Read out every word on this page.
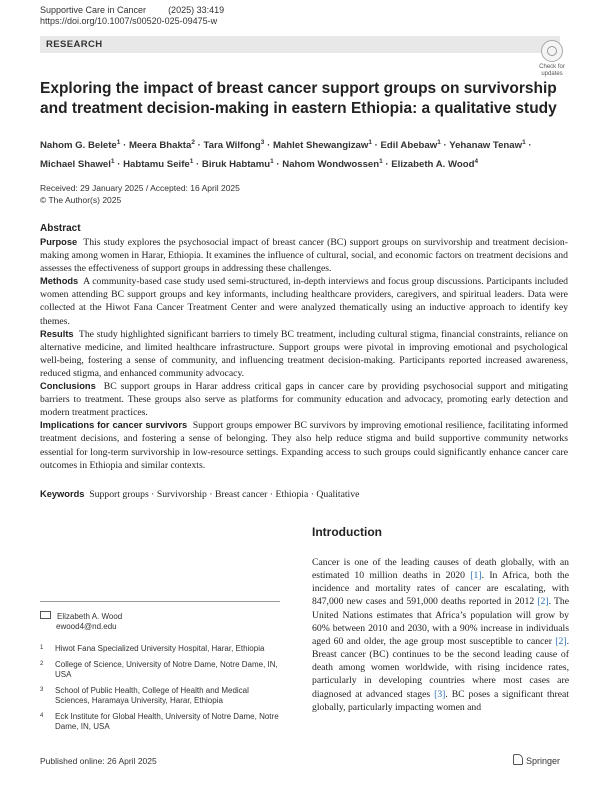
Supportive Care in Cancer (2025) 33:419
https://doi.org/10.1007/s00520-025-09475-w
RESEARCH
Check for updates
Exploring the impact of breast cancer support groups on survivorship
and treatment decision-making in eastern Ethiopia: a qualitative study
Nahom G. Belete$^1$ · Meera Bhakta$^2$ · Tara Wilfong$^3$ · Mahlet Shewangizaw$^1$ · Edil Abebaw$^1$ · Yehanaw Tenaw$^1$ ·
Michael Shawel$^1$ · Habtamu Seife$^1$ · Biruk Habtamu$^1$ · Nahom Wondwossen$^1$ · Elizabeth A. Wood$^4$
Received: 29 January 2025 / Accepted: 16 April 2025
© The Author(s) 2025
Abstract

Purpose This study explores the psychosocial impact of breast cancer (BC) support groups on survivorship and treatment decision-making among women in Harar, Ethiopia. It examines the influence of cultural, social, and economic factors on treatment decisions and assesses the effectiveness of support groups in addressing these challenges.

Methods A community-based case study used semi-structured, in-depth interviews and focus group discussions. Participants included women attending BC support groups and key informants, including healthcare providers, caregivers, and spiritual leaders. Data were collected at the Hiwot Fana Cancer Treatment Center and were analyzed thematically using an inductive approach to identify key themes.

Results The study highlighted significant barriers to timely BC treatment, including cultural stigma, financial constraints, reliance on alternative medicine, and limited healthcare infrastructure. Support groups were pivotal in improving emotional and psychological well-being, fostering a sense of community, and influencing treatment decision-making. Participants reported increased awareness, reduced stigma, and enhanced community advocacy.

Conclusions BC support groups in Harar address critical gaps in cancer care by providing psychosocial support and mitigating barriers to treatment. These groups also serve as platforms for community education and advocacy, promoting early detection and modern treatment practices.

Implications for cancer survivors Support groups empower BC survivors by improving emotional resilience, facilitating informed treatment decisions, and fostering a sense of belonging. They also help reduce stigma and build supportive community networks essential for long-term survivorship in low-resource settings. Expanding access to such groups could significantly enhance cancer care outcomes in Ethiopia and similar contexts.

Keywords Support groups · Survivorship · Breast cancer · Ethiopia · Qualitative
Introduction

Cancer is one of the leading causes of death globally, with an estimated 10 million deaths in 2020 [1]. In Africa, both the incidence and mortality rates of cancer are escalating, with 847,000 new cases and 591,000 deaths reported in 2012 [2]. The United Nations estimates that Africa’s population will grow by 60% between 2010 and 2030, with a 90% increase in individuals aged 60 and older, the age group most susceptible to cancer [2]. Breast cancer (BC) continues to be the second leading cause of death among women worldwide, with rising incidence rates, particularly in developing countries where most cases are diagnosed at advanced stages [3]. BC poses a significant threat globally, particularly impacting women and

Elizabeth A. Wood
ewood4@nd.edu
1 Hiwot Fana Specialized University Hospital, Harar, Ethiopia
2 College of Science, University of Notre Dame, Notre Dame, IN, USA
3 School of Public Health, College of Health and Medical Sciences, Haramaya University, Harar, Ethiopia
4 Eck Institute for Global Health, University of Notre Dame, Notre Dame, IN, USA
Published online: 26 April 2025	Springer
